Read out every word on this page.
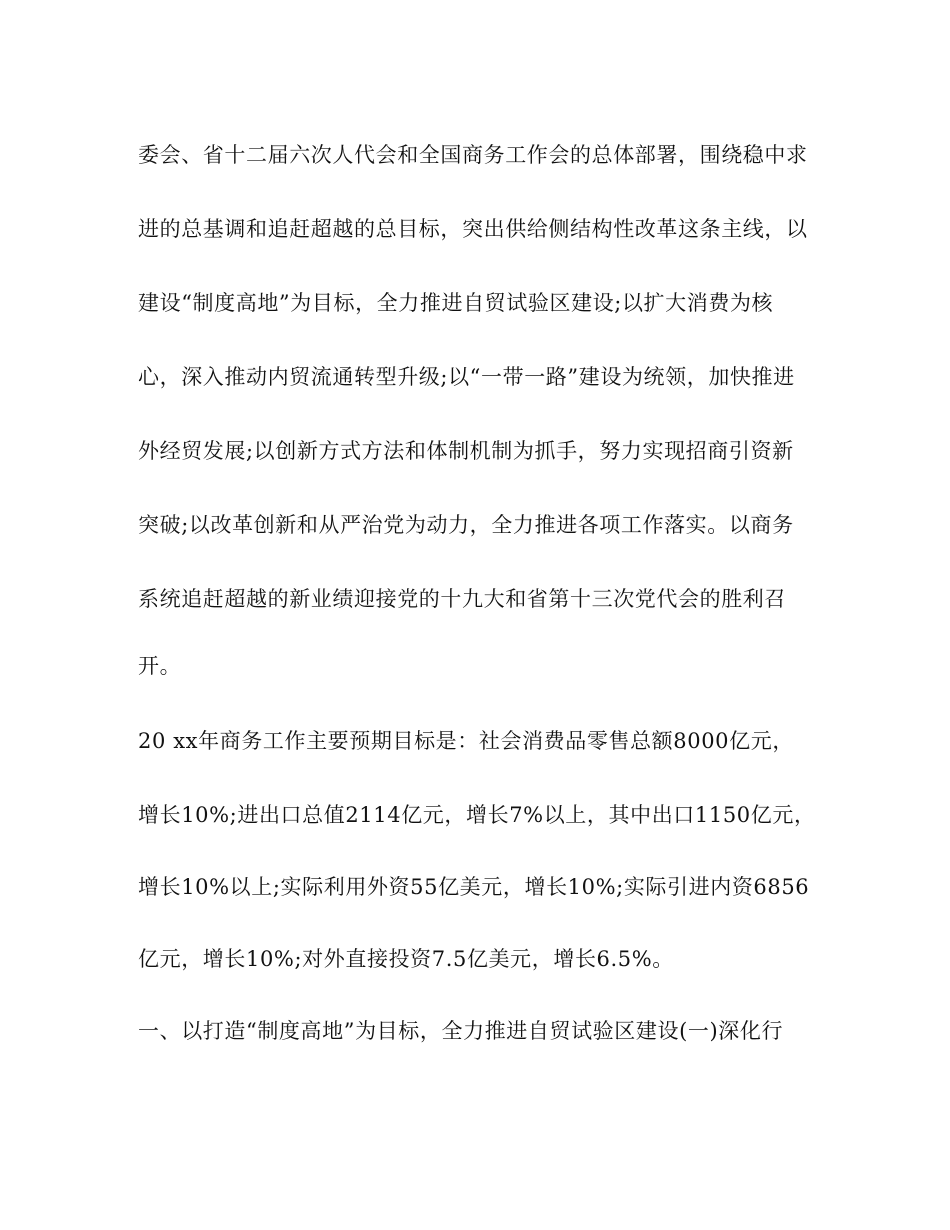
委会、省十二届六次人代会和全国商务工作会的总体部署，围绕稳中求
进的总基调和追赶超越的总目标，突出供给侧结构性改革这条主线，以
建设“制度高地”为目标，全力推进自贸试验区建设;以扩大消费为核
心，深入推动内贸流通转型升级;以“一带一路”建设为统领，加快推进
外经贸发展;以创新方式方法和体制机制为抓手，努力实现招商引资新
突破;以改革创新和从严治党为动力，全力推进各项工作落实。以商务
系统追赶超越的新业绩迎接党的十九大和省第十三次党代会的胜利召
开。
20 xx年商务工作主要预期目标是：社会消费品零售总额8000亿元，
增长10%;进出口总值2114亿元，增长7%以上，其中出口1150亿元，
增长10%以上;实际利用外资55亿美元，增长10%;实际引进内资6856
亿元，增长10%;对外直接投资7.5亿美元，增长6.5%。
一、以打造“制度高地”为目标，全力推进自贸试验区建设(一)深化行
